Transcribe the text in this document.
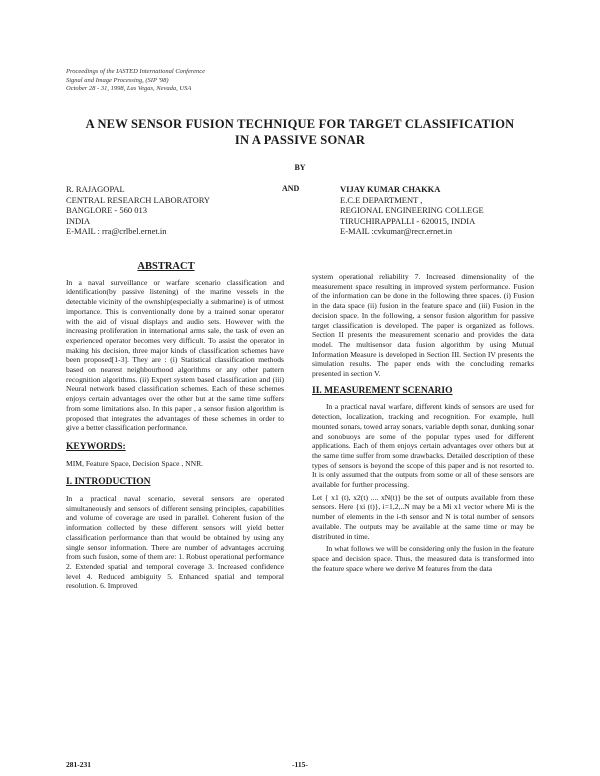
Proceedings of the IASTED International Conference
Signal and Image Processing, (SIP '98)
October 28 - 31, 1998, Las Vegas, Nevada, USA
A NEW SENSOR FUSION TECHNIQUE FOR TARGET CLASSIFICATION
IN A PASSIVE SONAR
BY
R. RAJAGOPAL
CENTRAL RESEARCH LABORATORY
BANGLORE - 560 013
INDIA
E-MAIL : rra@crlbel.ernet.in
AND	VIJAY KUMAR CHAKKA
E.C.E DEPARTMENT ,
REGIONAL ENGINEERING COLLEGE
TIRUCHIRAPPALLI - 620015, INDIA
E-MAIL :cvkumar@recr.ernet.in
ABSTRACT

In a naval surveillance or warfare scenario classification and identification(by passive listening) of the marine vessels in the detectable vicinity of the ownship(especially a submarine) is of utmost importance. This is conventionally done by a trained sonar operator with the aid of visual displays and audio sets. However with the increasing proliferation in international arms sale, the task of even an experienced operator becomes very difficult. To assist the operator in making his decision, three major kinds of classification schemes have been proposed[1-3]. They are : (i) Statistical classification methods based on nearest neighbourhood algorithms or any other pattern recognition algorithms. (ii) Expert system based classification and (iii) Neural network based classification schemes. Each of these schemes enjoys certain advantages over the other but at the same time suffers from some limitations also. In this paper , a sensor fusion algorithm is proposed that integrates the advantages of these schemes in order to give a better classification performance.

KEYWORDS:

MIM, Feature Space, Decision Space , NNR.

I. INTRODUCTION

In a practical naval scenario, several sensors are operated simultaneously and sensors of different sensing principles, capabilities and volume of coverage are used in parallel. Coherent fusion of the information collected by these different sensors will yield better classification performance than that would be obtained by using any single sensor information. There are number of advantages accruing from such fusion, some of them are: 1. Robust operational performance 2. Extended spatial and temporal coverage 3. Increased confidence level 4. Reduced ambiguity 5. Enhanced spatial and temporal resolution. 6. Improved

system operational reliability 7. Increased dimensionality of the measurement space resulting in improved system performance. Fusion of the information can be done in the following three spaces. (i) Fusion in the data space (ii) fusion in the feature space and (iii) Fusion in the decision space. In the following, a sensor fusion algorithm for passive target classification is developed. The paper is organized as follows. Section II presents the measurement scenario and provides the data model. The multisensor data fusion algorithm by using Mutual Information Measure is developed in Section III. Section IV presents the simulation results. The paper ends with the concluding remarks presented in section V.

II. MEASUREMENT SCENARIO

In a practical naval warfare, different kinds of sensors are used for detection, localization, tracking and recognition. For example, hull mounted sonars, towed array sonars, variable depth sonar, dunking sonar and sonobuoys are some of the popular types used for different applications. Each of them enjoys certain advantages over others but at the same time suffer from some drawbacks. Detailed description of these types of sensors is beyond the scope of this paper and is not resorted to. It is only assumed that the outputs from some or all of these sensors are available for further processing.

Let { x1 (t), x2(t) .... xN(t)} be the set of outputs available from these sensors. Here {xi (t)}, i=1,2,..N may be a Mi x1 vector where Mi is the number of elements in the i-th sensor and N is total number of sensors available. The outputs may be available at the same time or may be distributed in time.

In what follows we will be considering only the fusion in the feature space and decision space. Thus, the measured data is transformed into the feature space where we derive M features from the data

281-231	-115-
